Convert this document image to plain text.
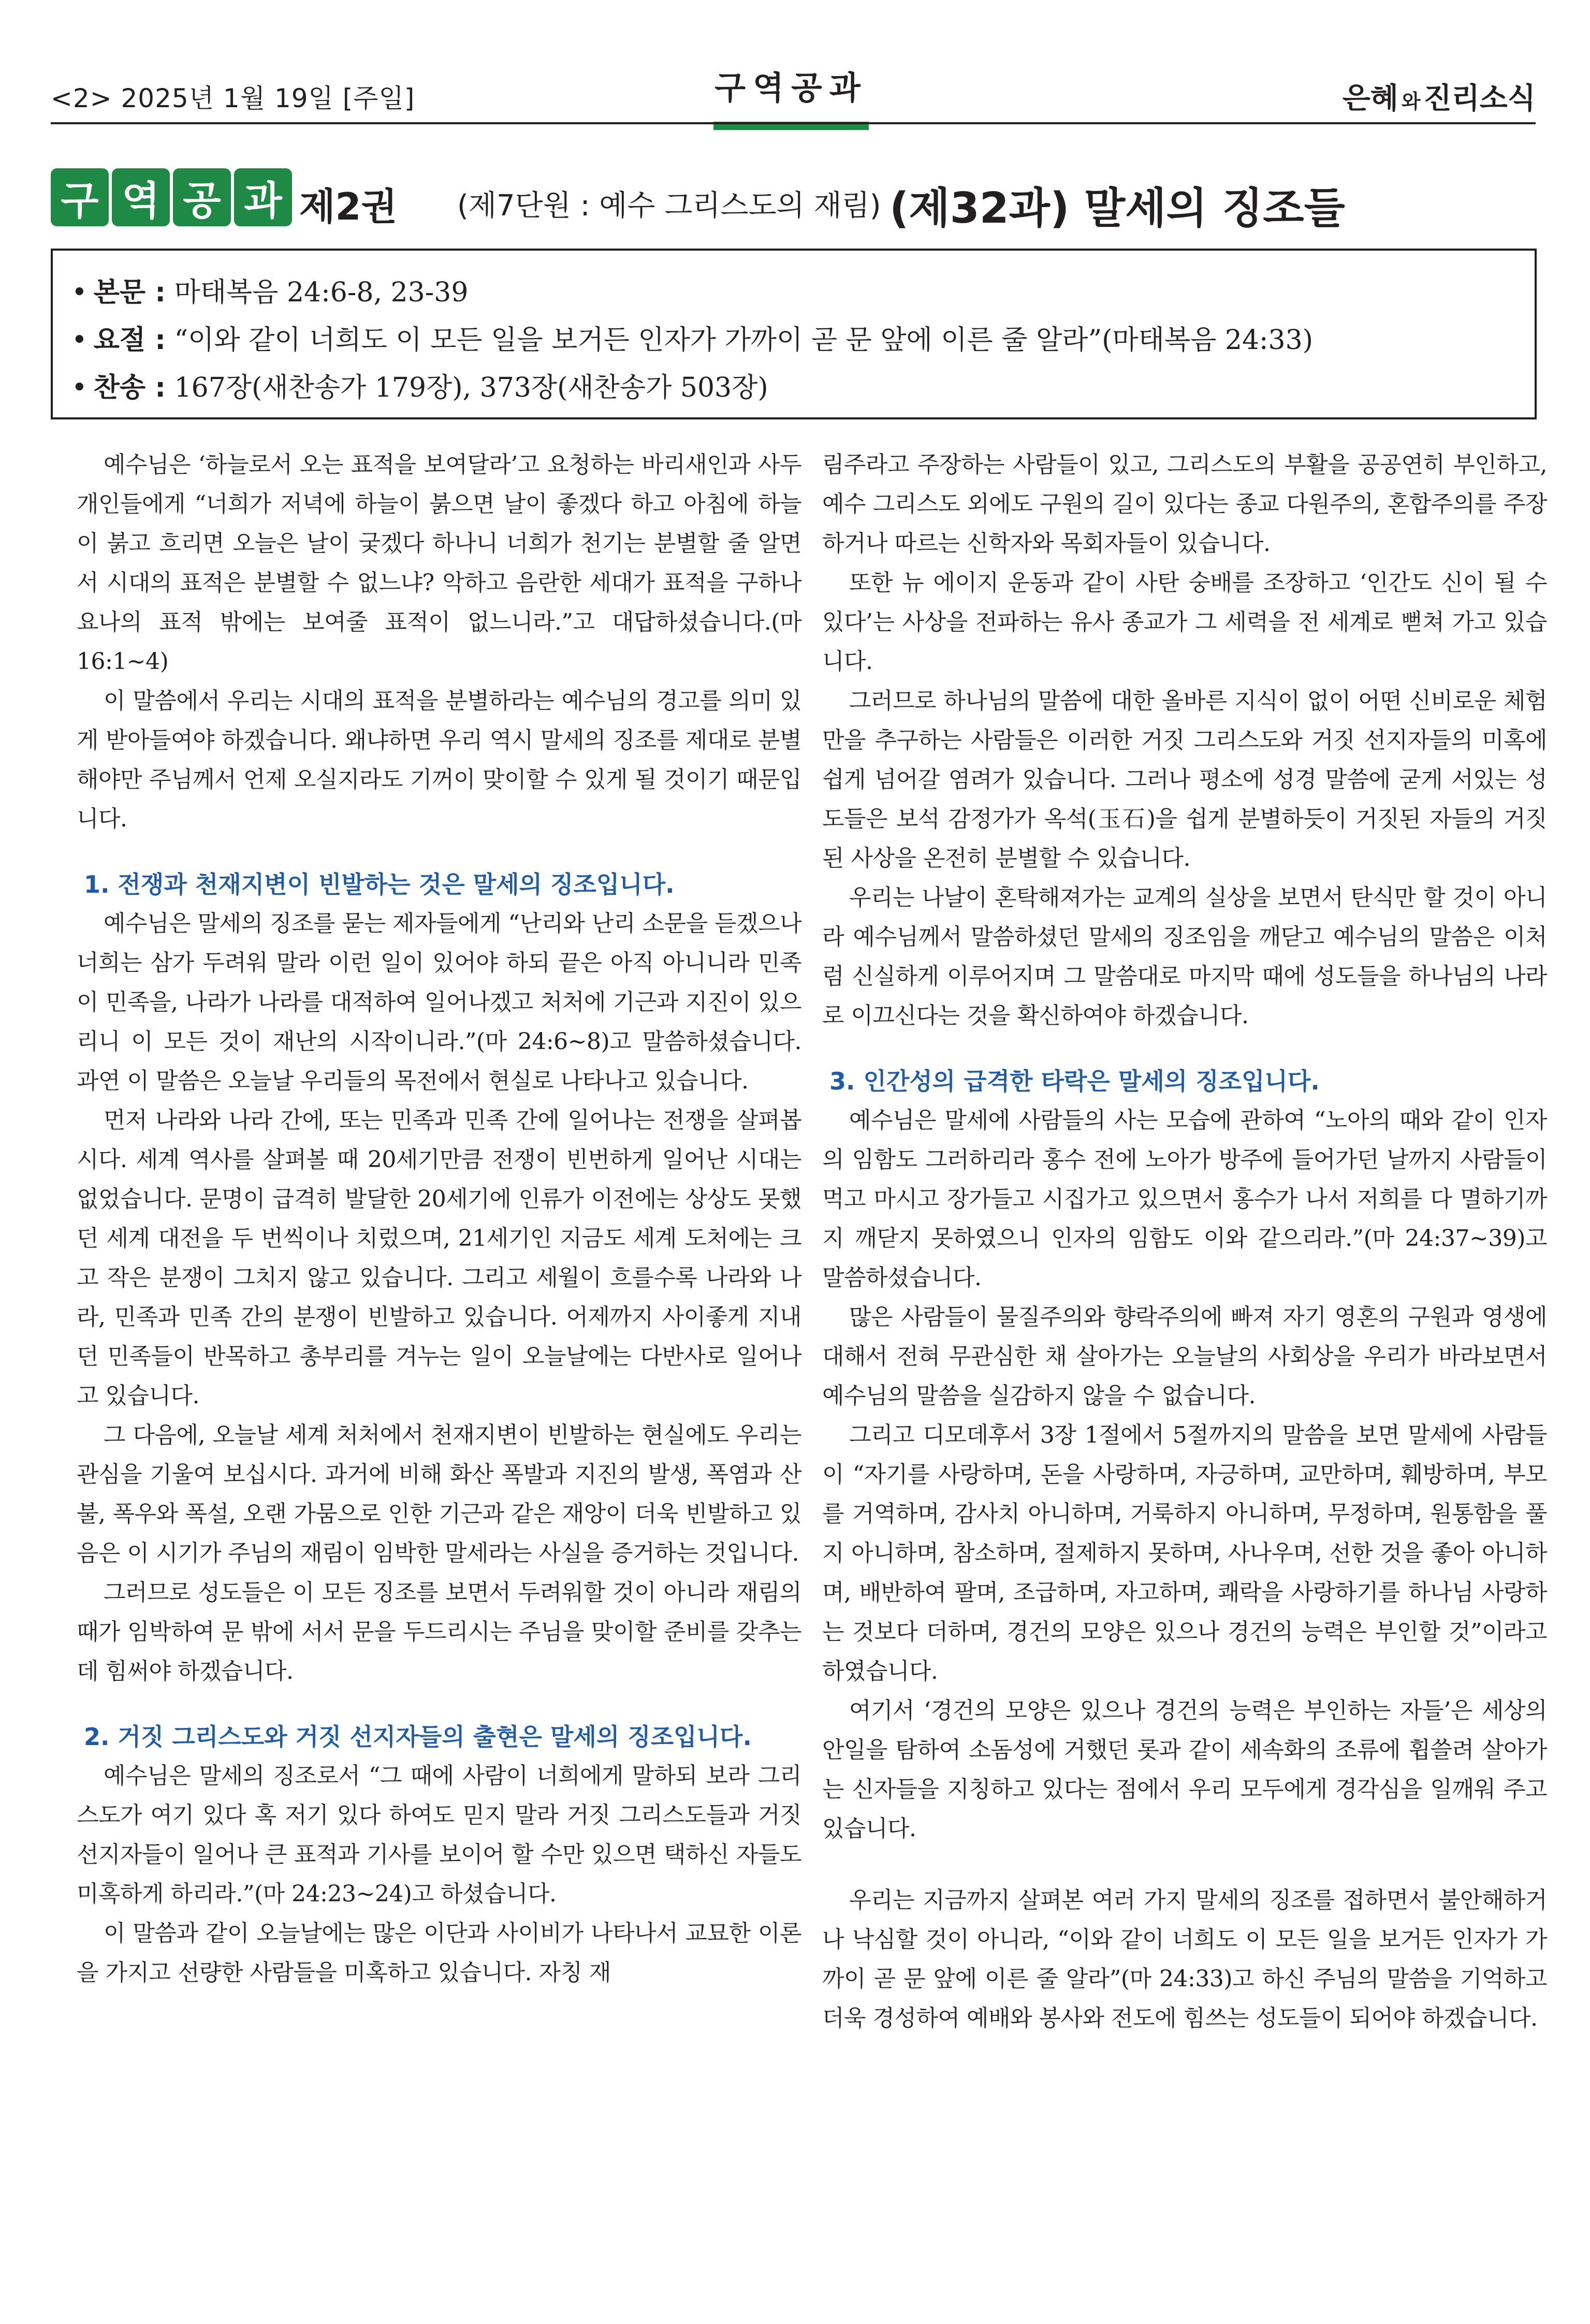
<2> 2025년 1월 19일 [주일]	구역공과	은혜 와 진리소식
구 역 공 과 제2권 (제7단원 : 예수 그리스도의 재림) (제32과) 말세의 징조들
• 본문 : 마태복음 24:6-8, 23-39
• 요절 : “이와 같이 너희도 이 모든 일을 보거든 인자가 가까이 곧 문 앞에 이른 줄 알라”(마태복음 24:33)
• 찬송 : 167장(새찬송가 179장), 373장(새찬송가 503장)

예수님은 ‘하늘로서 오는 표적을 보여달라’고 요청하는 바리새인과 사두개인들에게 “너희가 저녁에 하늘이 붉으면 날이 좋겠다 하고 아침에 하늘이 붉고 흐리면 오늘은 날이 궂겠다 하나니 너희가 천기는 분별할 줄 알면서 시대의 표적은 분별할 수 없느냐? 악하고 음란한 세대가 표적을 구하나 요나의 표적 밖에는 보여줄 표적이 없느니라.”고 대답하셨습니다.(마 16:1~4)

이 말씀에서 우리는 시대의 표적을 분별하라는 예수님의 경고를 의미 있게 받아들여야 하겠습니다. 왜냐하면 우리 역시 말세의 징조를 제대로 분별해야만 주님께서 언제 오실지라도 기꺼이 맞이할 수 있게 될 것이기 때문입니다.

1. 전쟁과 천재지변이 빈발하는 것은 말세의 징조입니다.

예수님은 말세의 징조를 묻는 제자들에게 “난리와 난리 소문을 듣겠으나 너희는 삼가 두려워 말라 이런 일이 있어야 하되 끝은 아직 아니니라 민족이 민족을, 나라가 나라를 대적하여 일어나겠고 처처에 기근과 지진이 있으리니 이 모든 것이 재난의 시작이니라.”(마 24:6~8)고 말씀하셨습니다. 과연 이 말씀은 오늘날 우리들의 목전에서 현실로 나타나고 있습니다.

먼저 나라와 나라 간에, 또는 민족과 민족 간에 일어나는 전쟁을 살펴봅시다. 세계 역사를 살펴볼 때 20세기만큼 전쟁이 빈번하게 일어난 시대는 없었습니다. 문명이 급격히 발달한 20세기에 인류가 이전에는 상상도 못했던 세계 대전을 두 번씩이나 치렀으며, 21세기인 지금도 세계 도처에는 크고 작은 분쟁이 그치지 않고 있습니다. 그리고 세월이 흐를수록 나라와 나라, 민족과 민족 간의 분쟁이 빈발하고 있습니다. 어제까지 사이좋게 지내던 민족들이 반목하고 총부리를 겨누는 일이 오늘날에는 다반사로 일어나고 있습니다.

그 다음에, 오늘날 세계 처처에서 천재지변이 빈발하는 현실에도 우리는 관심을 기울여 보십시다. 과거에 비해 화산 폭발과 지진의 발생, 폭염과 산불, 폭우와 폭설, 오랜 가뭄으로 인한 기근과 같은 재앙이 더욱 빈발하고 있음은 이 시기가 주님의 재림이 임박한 말세라는 사실을 증거하는 것입니다.

그러므로 성도들은 이 모든 징조를 보면서 두려워할 것이 아니라 재림의 때가 임박하여 문 밖에 서서 문을 두드리시는 주님을 맞이할 준비를 갖추는데 힘써야 하겠습니다.

2. 거짓 그리스도와 거짓 선지자들의 출현은 말세의 징조입니다.

예수님은 말세의 징조로서 “그 때에 사람이 너희에게 말하되 보라 그리스도가 여기 있다 혹 저기 있다 하여도 믿지 말라 거짓 그리스도들과 거짓 선지자들이 일어나 큰 표적과 기사를 보이어 할 수만 있으면 택하신 자들도 미혹하게 하리라.”(마 24:23~24)고 하셨습니다.

이 말씀과 같이 오늘날에는 많은 이단과 사이비가 나타나서 교묘한 이론을 가지고 선량한 사람들을 미혹하고 있습니다. 자칭 재

림주라고 주장하는 사람들이 있고, 그리스도의 부활을 공공연히 부인하고, 예수 그리스도 외에도 구원의 길이 있다는 종교 다원주의, 혼합주의를 주장하거나 따르는 신학자와 목회자들이 있습니다.

또한 뉴 에이지 운동과 같이 사탄 숭배를 조장하고 ‘인간도 신이 될 수 있다’는 사상을 전파하는 유사 종교가 그 세력을 전 세계로 뻗쳐 가고 있습니다.

그러므로 하나님의 말씀에 대한 올바른 지식이 없이 어떤 신비로운 체험만을 추구하는 사람들은 이러한 거짓 그리스도와 거짓 선지자들의 미혹에 쉽게 넘어갈 염려가 있습니다. 그러나 평소에 성경 말씀에 굳게 서있는 성도들은 보석 감정가가 옥석(玉石)을 쉽게 분별하듯이 거짓된 자들의 거짓된 사상을 온전히 분별할 수 있습니다.

우리는 나날이 혼탁해져가는 교계의 실상을 보면서 탄식만 할 것이 아니라 예수님께서 말씀하셨던 말세의 징조임을 깨닫고 예수님의 말씀은 이처럼 신실하게 이루어지며 그 말씀대로 마지막 때에 성도들을 하나님의 나라로 이끄신다는 것을 확신하여야 하겠습니다.

3. 인간성의 급격한 타락은 말세의 징조입니다.

예수님은 말세에 사람들의 사는 모습에 관하여 “노아의 때와 같이 인자의 임함도 그러하리라 홍수 전에 노아가 방주에 들어가던 날까지 사람들이 먹고 마시고 장가들고 시집가고 있으면서 홍수가 나서 저희를 다 멸하기까지 깨닫지 못하였으니 인자의 임함도 이와 같으리라.”(마 24:37~39)고 말씀하셨습니다.

많은 사람들이 물질주의와 향락주의에 빠져 자기 영혼의 구원과 영생에 대해서 전혀 무관심한 채 살아가는 오늘날의 사회상을 우리가 바라보면서 예수님의 말씀을 실감하지 않을 수 없습니다.

그리고 디모데후서 3장 1절에서 5절까지의 말씀을 보면 말세에 사람들이 “자기를 사랑하며, 돈을 사랑하며, 자긍하며, 교만하며, 훼방하며, 부모를 거역하며, 감사치 아니하며, 거룩하지 아니하며, 무정하며, 원통함을 풀지 아니하며, 참소하며, 절제하지 못하며, 사나우며, 선한 것을 좋아 아니하며, 배반하여 팔며, 조급하며, 자고하며, 쾌락을 사랑하기를 하나님 사랑하는 것보다 더하며, 경건의 모양은 있으나 경건의 능력은 부인할 것”이라고 하였습니다.

여기서 ‘경건의 모양은 있으나 경건의 능력은 부인하는 자들’은 세상의 안일을 탐하여 소돔성에 거했던 롯과 같이 세속화의 조류에 휩쓸려 살아가는 신자들을 지칭하고 있다는 점에서 우리 모두에게 경각심을 일깨워 주고 있습니다.

우리는 지금까지 살펴본 여러 가지 말세의 징조를 접하면서 불안해하거나 낙심할 것이 아니라, “이와 같이 너희도 이 모든 일을 보거든 인자가 가까이 곧 문 앞에 이른 줄 알라”(마 24:33)고 하신 주님의 말씀을 기억하고 더욱 경성하여 예배와 봉사와 전도에 힘쓰는 성도들이 되어야 하겠습니다.
